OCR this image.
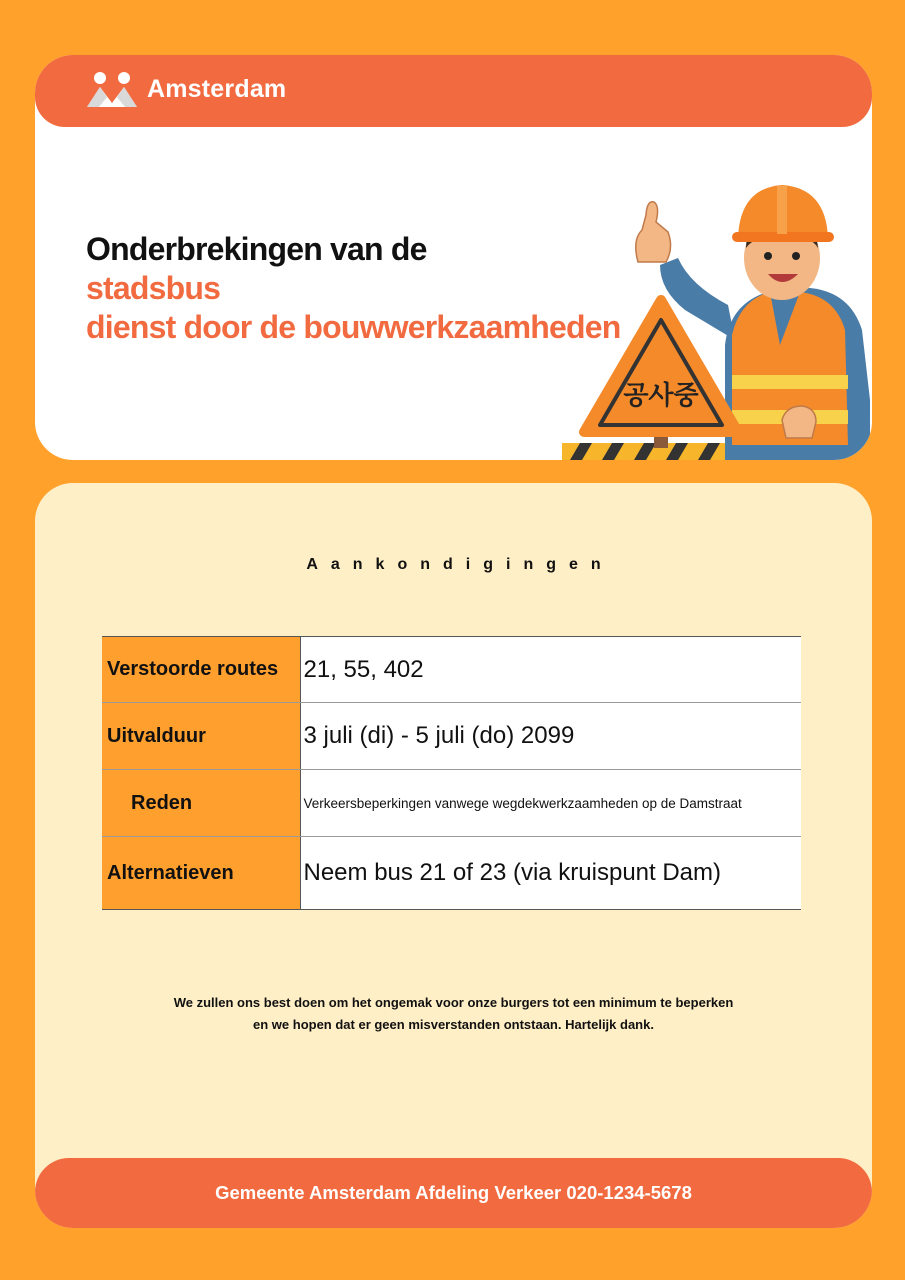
Amsterdam
Onderbrekingen van de
stadsbus
dienst door de bouwwerkzaamheden
공사중
Aankondigingen
Verstoorde routes	21, 55, 402
Uitvalduur	3 juli (di) - 5 juli (do) 2099
Reden	Verkeersbeperkingen vanwege wegdekwerkzaamheden op de Damstraat
Alternatieven	Neem bus 21 of 23 (via kruispunt Dam)
We zullen ons best doen om het ongemak voor onze burgers tot een minimum te beperken
en we hopen dat er geen misverstanden ontstaan. Hartelijk dank.
Gemeente Amsterdam Afdeling Verkeer 020-1234-5678
